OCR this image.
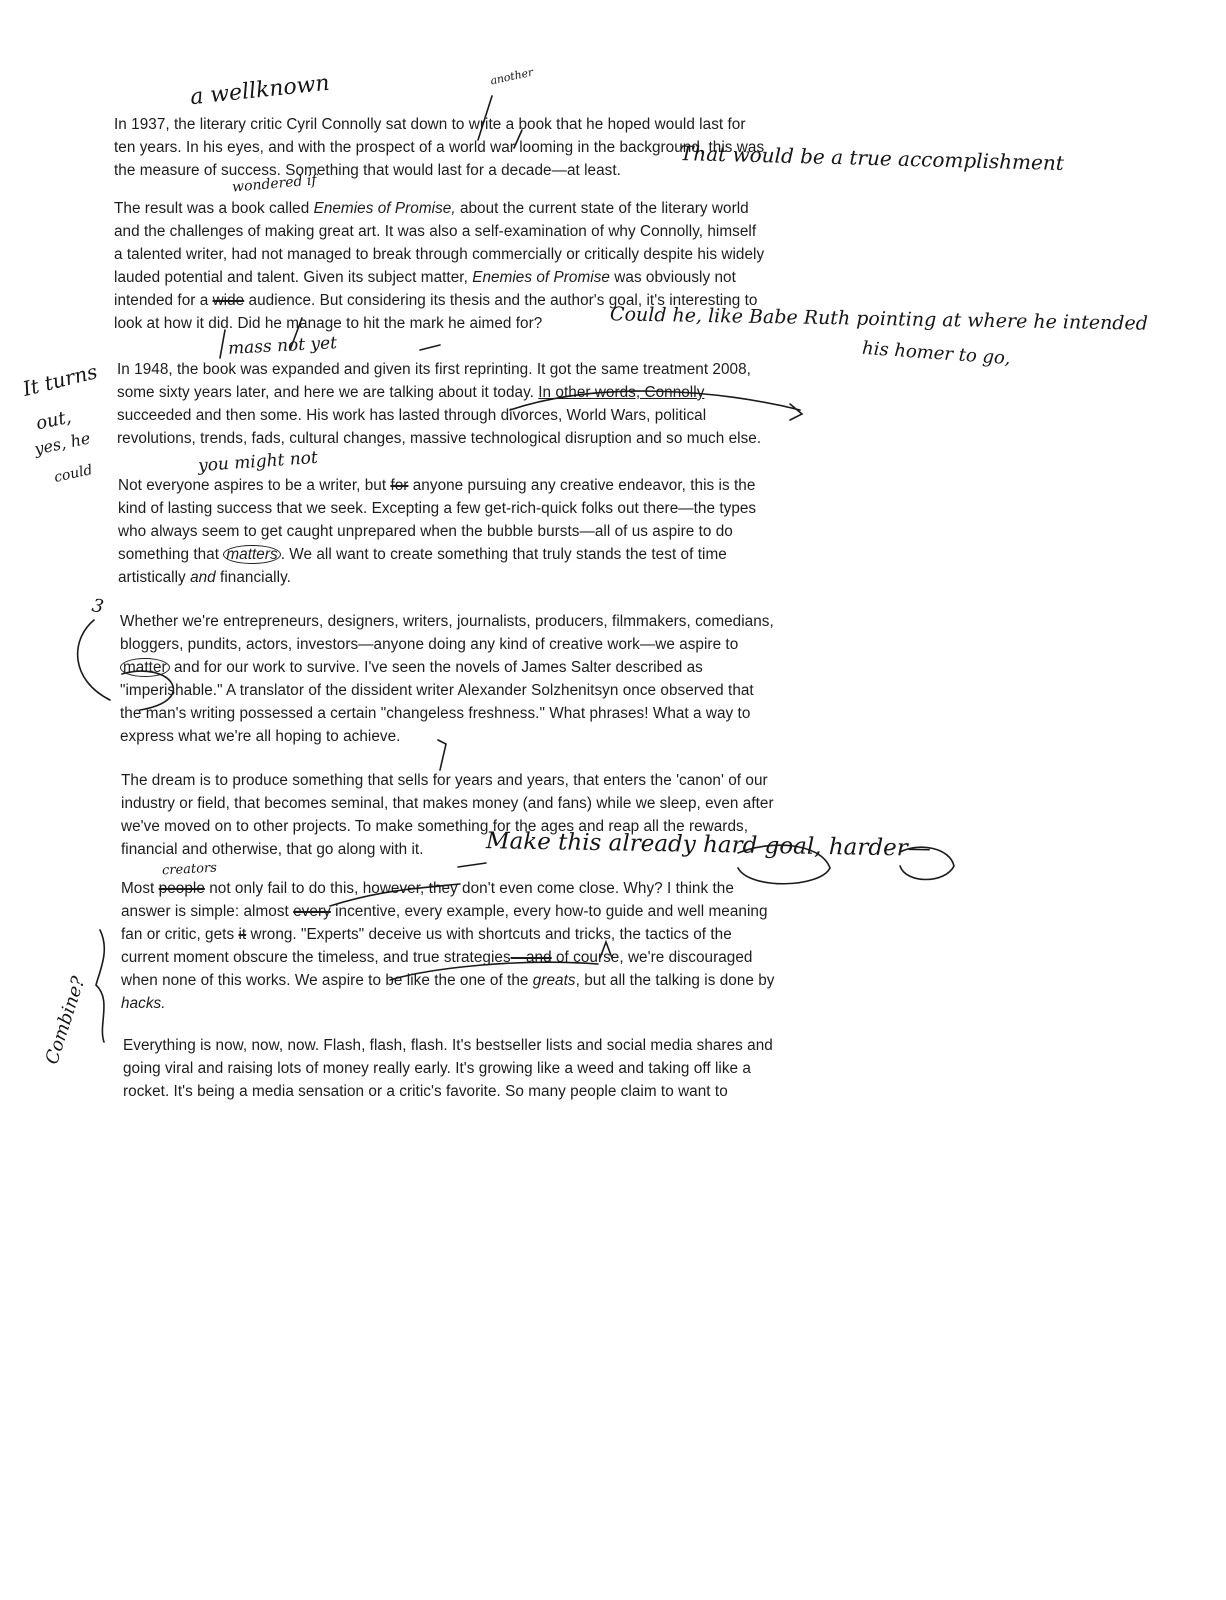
In 1937, the literary critic Cyril Connolly sat down to write a book that he hoped would last for
ten years. In his eyes, and with the prospect of a world war looming in the background, this was
the measure of success. Something that would last for a decade—at least.
The result was a book called Enemies of Promise, about the current state of the literary world
and the challenges of making great art. It was also a self-examination of why Connolly, himself
a talented writer, had not managed to break through commercially or critically despite his widely
lauded potential and talent. Given its subject matter, Enemies of Promise was obviously not
intended for a wide audience. But considering its thesis and the author's goal, it's interesting to
look at how it did. Did he manage to hit the mark he aimed for?
In 1948, the book was expanded and given its first reprinting. It got the same treatment 2008,
some sixty years later, and here we are talking about it today. In other words, Connolly
succeeded and then some. His work has lasted through divorces, World Wars, political
revolutions, trends, fads, cultural changes, massive technological disruption and so much else.
Not everyone aspires to be a writer, but for anyone pursuing any creative endeavor, this is the
kind of lasting success that we seek. Excepting a few get-rich-quick folks out there—the types
who always seem to get caught unprepared when the bubble bursts—all of us aspire to do
something that matters . We all want to create something that truly stands the test of time
artistically and financially.
Whether we're entrepreneurs, designers, writers, journalists, producers, filmmakers, comedians,
bloggers, pundits, actors, investors—anyone doing any kind of creative work—we aspire to
matter and for our work to survive. I've seen the novels of James Salter described as
"imperishable." A translator of the dissident writer Alexander Solzhenitsyn once observed that
the man's writing possessed a certain "changeless freshness." What phrases! What a way to
express what we're all hoping to achieve.
The dream is to produce something that sells for years and years, that enters the 'canon' of our
industry or field, that becomes seminal, that makes money (and fans) while we sleep, even after
we've moved on to other projects. To make something for the ages and reap all the rewards,
financial and otherwise, that go along with it.
Most people not only fail to do this, however, they don't even come close. Why? I think the
answer is simple: almost every incentive, every example, every how-to guide and well meaning
fan or critic, gets it wrong. "Experts" deceive us with shortcuts and tricks, the tactics of the
current moment obscure the timeless, and true strategies—and of course, we're discouraged
when none of this works. We aspire to be like the one of the greats, but all the talking is done by
hacks.
Everything is now, now, now. Flash, flash, flash. It's bestseller lists and social media shares and
going viral and raising lots of money really early. It's growing like a weed and taking off like a
rocket. It's being a media sensation or a critic's favorite. So many people claim to want to
a wellknown	another
That would be a true accomplishment
wondered if
Could he, like Babe Ruth pointing at where he intended
his homer to go,
mass not yet
It turns
out,
yes, he
could	you might not
3
Make this already hard goal, harder—
creators
Combine?
